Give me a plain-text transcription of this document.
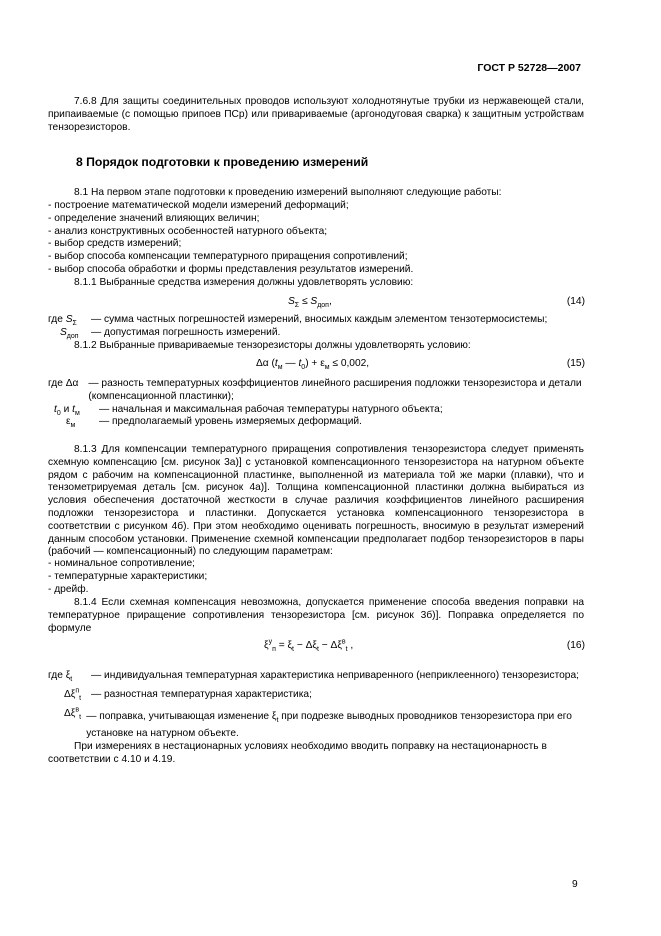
ГОСТ Р 52728—2007

7.6.8 Для защиты соединительных проводов используют холоднотянутые трубки из нержавеющей стали, припаиваемые (с помощью припоев ПСр) или привариваемые (аргонодуговая сварка) к защитным устройствам тензорезисторов.

8 Порядок подготовки к проведению измерений

8.1 На первом этапе подготовки к проведению измерений выполняют следующие работы:

- построение математической модели измерений деформаций;
- определение значений влияющих величин;
- анализ конструктивных особенностей натурного объекта;
- выбор средств измерений;
- выбор способа компенсации температурного приращения сопротивлений;
- выбор способа обработки и формы представления результатов измерений.

8.1.1 Выбранные средства измерения должны удовлетворять условию:

$S_\Sigma \le S_{доп}$,	(14)
где $S_\Sigma$	— сумма частных погрешностей измерений, вносимых каждым элементом тензотермосистемы;
$S_{доп}$	— допустимая погрешность измерений.

8.1.2 Выбранные привариваемые тензорезисторы должны удовлетворять условию:

Δα ($t_м$ — $t_0) + \varepsilon_м \le 0,002$,	(15)
где Δα — разность температурных коэффициентов линейного расширения подложки тензорезистора и детали (компенсационной пластинки);
$t_0$ и $t_м$	— начальная и максимальная рабочая температуры натурного объекта;
$\varepsilon_м$	— предполагаемый уровень измеряемых деформаций.

8.1.3 Для компенсации температурного приращения сопротивления тензорезистора следует применять схемную компенсацию [см. рисунок 3а)] с установкой компенсационного тензорезистора на натурном объекте рядом с рабочим на компенсационной пластинке, выполненной из материала той же марки (плавки), что и тензометрируемая деталь [см. рисунок 4а)]. Толщина компенсационной пластинки должна выбираться из условия обеспечения достаточной жесткости в случае различия коэффициентов линейного расширения подложки тензорезистора и пластинки. Допускается установка компенсационного тензорезистора в соответствии с рисунком 4б). При этом необходимо оценивать погрешность, вносимую в результат измерений данным способом установки. Применение схемной компенсации предполагает подбор тензорезисторов в пары (рабочий — компенсационный) по следующим параметрам:

- номинальное сопротивление;
- температурные характеристики;
- дрейф.

8.1.4 Если схемная компенсация невозможна, допускается применение способа введения поправки на температурное приращение сопротивления тензорезистора [см. рисунок 3б)]. Поправка определяется по формуле

$\xi^у_п = \xi_t - \Delta\xi_t - \Delta\xi^в_t$ ,	(16)
где $\xi_t$	— индивидуальная температурная характеристика неприваренного (неприклеенного) тензорезистора;
$\Delta\xi^п_t$ — разностная температурная характеристика;
$\Delta\xi^в_t$ — поправка, учитывающая изменение $\xi_t$ при подрезке выводных проводников тензорезистора при его установке на натурном объекте.

При измерениях в нестационарных условиях необходимо вводить поправку на нестационарность в соответствии с 4.10 и 4.19.

9
